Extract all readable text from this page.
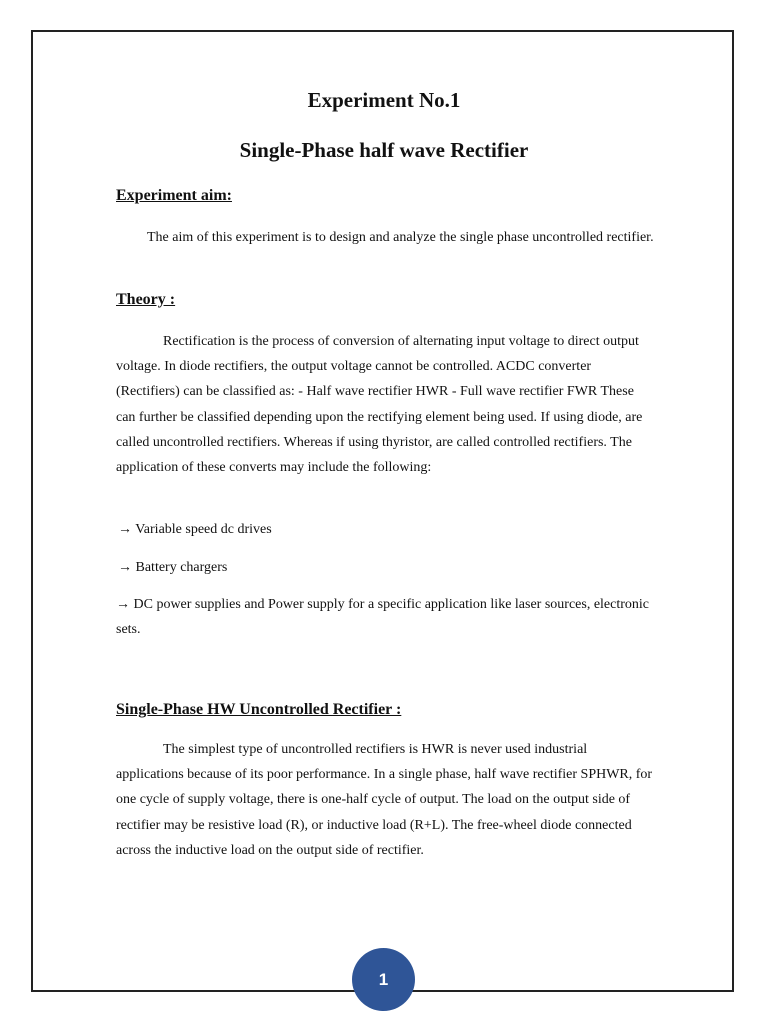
Experiment No.1
Single-Phase half wave Rectifier
Experiment aim:
The aim of this experiment is to design and analyze the single phase uncontrolled rectifier.
Theory :
Rectification is the process of conversion of alternating input voltage to direct output voltage. In diode rectifiers, the output voltage cannot be controlled. ACDC converter (Rectifiers) can be classified as: - Half wave rectifier HWR - Full wave rectifier FWR These can further be classified depending upon the rectifying element being used. If using diode, are called uncontrolled rectifiers. Whereas if using thyristor, are called controlled rectifiers. The application of these converts may include the following:
→ Variable speed dc drives
→ Battery chargers
→ DC power supplies and Power supply for a specific application like laser sources, electronic sets.
Single-Phase HW Uncontrolled Rectifier :
The simplest type of uncontrolled rectifiers is HWR is never used industrial applications because of its poor performance. In a single phase, half wave rectifier SPHWR, for one cycle of supply voltage, there is one-half cycle of output. The load on the output side of rectifier may be resistive load (R), or inductive load (R+L). The free-wheel diode connected across the inductive load on the output side of rectifier.
1
